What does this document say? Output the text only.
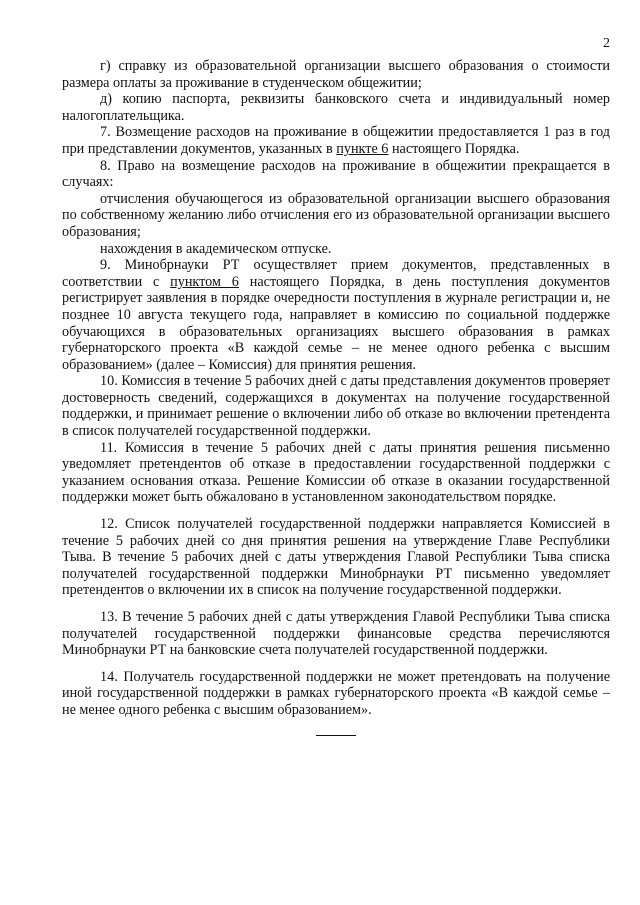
2

г) справку из образовательной организации высшего образования о стоимости размера оплаты за проживание в студенческом общежитии;

д) копию паспорта, реквизиты банковского счета и индивидуальный номер налогоплательщика.

7. Возмещение расходов на проживание в общежитии предоставляется 1 раз в год при представлении документов, указанных в пункте 6 настоящего Порядка.

8. Право на возмещение расходов на проживание в общежитии прекращается в случаях:

отчисления обучающегося из образовательной организации высшего образования по собственному желанию либо отчисления его из образовательной организации высшего образования;

нахождения в академическом отпуске.

9. Минобрнауки РТ осуществляет прием документов, представленных в соответствии с пунктом 6 настоящего Порядка, в день поступления документов регистрирует заявления в порядке очередности поступления в журнале регистрации и, не позднее 10 августа текущего года, направляет в комиссию по социальной поддержке обучающихся в образовательных организациях высшего образования в рамках губернаторского проекта «В каждой семье – не менее одного ребенка с высшим образованием» (далее – Комиссия) для принятия решения.

10. Комиссия в течение 5 рабочих дней с даты представления документов проверяет достоверность сведений, содержащихся в документах на получение государственной поддержки, и принимает решение о включении либо об отказе во включении претендента в список получателей государственной поддержки.

11. Комиссия в течение 5 рабочих дней с даты принятия решения письменно уведомляет претендентов об отказе в предоставлении государственной поддержки с указанием основания отказа. Решение Комиссии об отказе в оказании государственной поддержки может быть обжаловано в установленном законодательством порядке.

12. Список получателей государственной поддержки направляется Комиссией в течение 5 рабочих дней со дня принятия решения на утверждение Главе Республики Тыва. В течение 5 рабочих дней с даты утверждения Главой Республики Тыва списка получателей государственной поддержки Минобрнауки РТ письменно уведомляет претендентов о включении их в список на получение государственной поддержки.

13. В течение 5 рабочих дней с даты утверждения Главой Республики Тыва списка получателей государственной поддержки финансовые средства перечисляются Минобрнауки РТ на банковские счета получателей государственной поддержки.

14. Получатель государственной поддержки не может претендовать на получение иной государственной поддержки в рамках губернаторского проекта «В каждой семье – не менее одного ребенка с высшим образованием».
